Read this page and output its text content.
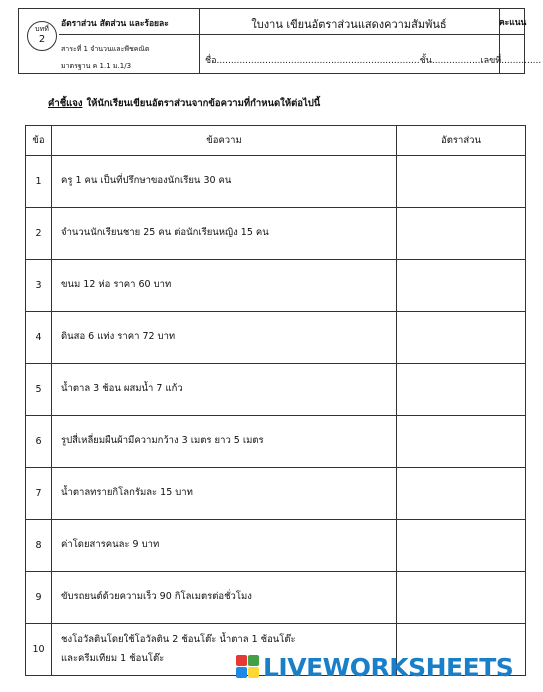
บทที่
2
อัตราส่วน สัดส่วน และร้อยละ
สาระที่ 1 จำนวนและพีชคณิต
มาตรฐาน ค 1.1 ม.1/3
ใบงาน เขียนอัตราส่วนแสดงความสัมพันธ์
ชื่อ.......................................................................ชั้น.................เลขที่..............
คะแนน
คำชี้แจง ให้นักเรียนเขียนอัตราส่วนจากข้อความที่กำหนดให้ต่อไปนี้
ข้อ	ข้อความ	อัตราส่วน
1	ครู 1 คน เป็นที่ปรึกษาของนักเรียน 30 คน	
2	จำนวนนักเรียนชาย 25 คน ต่อนักเรียนหญิง 15 คน	
3	ขนม 12 ห่อ ราคา 60 บาท	
4	ดินสอ 6 แท่ง ราคา 72 บาท	
5	น้ำตาล 3 ช้อน ผสมน้ำ 7 แก้ว	
6	รูปสี่เหลี่ยมผืนผ้ามีความกว้าง 3 เมตร ยาว 5 เมตร	
7	น้ำตาลทรายกิโลกรัมละ 15 บาท	
8	ค่าโดยสารคนละ 9 บาท	
9	ขับรถยนต์ด้วยความเร็ว 90 กิโลเมตรต่อชั่วโมง	
10	ชงโอวัลตินโดยใช้โอวัลติน 2 ช้อนโต๊ะ น้ำตาล 1 ช้อนโต๊ะ
และครีมเทียม 1 ช้อนโต๊ะ	
		LIVEWORKSHEETS
